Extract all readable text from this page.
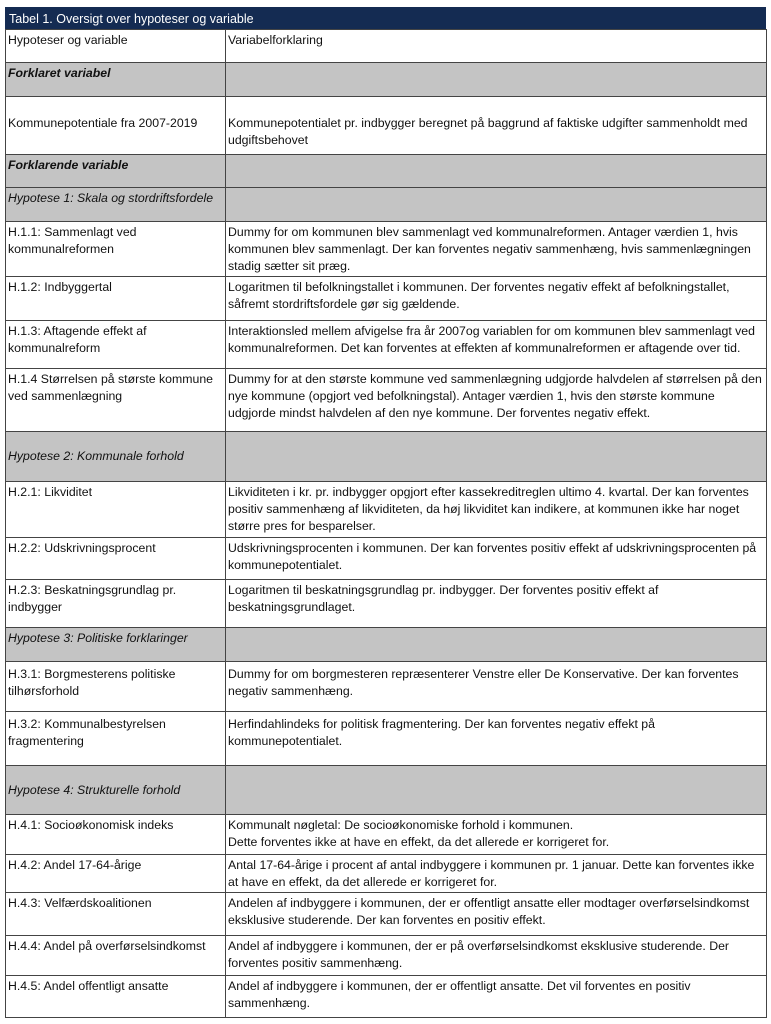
Tabel 1. Oversigt over hypoteser og variable
Hypoteser og variable	Variabelforklaring
Forklaret variabel	
Kommunepotentiale fra 2007-2019	Kommunepotentialet pr. indbygger beregnet på baggrund af faktiske udgifter sammenholdt med udgiftsbehovet
Forklarende variable	
Hypotese 1: Skala og stordriftsfordele	
H.1.1: Sammenlagt ved kommunalreformen	Dummy for om kommunen blev sammenlagt ved kommunalreformen. Antager værdien 1, hvis kommunen blev sammenlagt. Der kan forventes negativ sammenhæng, hvis sammenlægningen stadig sætter sit præg.
H.1.2: Indbyggertal	Logaritmen til befolkningstallet i kommunen. Der forventes negativ effekt af befolkningstallet, såfremt stordriftsfordele gør sig gældende.
H.1.3: Aftagende effekt af kommunalreform	Interaktionsled mellem afvigelse fra år 2007og variablen for om kommunen blev sammenlagt ved kommunalreformen. Det kan forventes at effekten af kommunalreformen er aftagende over tid.
H.1.4 Størrelsen på største kommune ved sammenlægning	Dummy for at den største kommune ved sammenlægning udgjorde halvdelen af størrelsen på den nye kommune (opgjort ved befolkningstal). Antager værdien 1, hvis den største kommune udgjorde mindst halvdelen af den nye kommune. Der forventes negativ effekt.
Hypotese 2: Kommunale forhold	
H.2.1: Likviditet	Likviditeten i kr. pr. indbygger opgjort efter kassekreditreglen ultimo 4. kvartal. Der kan forventes positiv sammenhæng af likviditeten, da høj likviditet kan indikere, at kommunen ikke har noget større pres for besparelser.
H.2.2: Udskrivningsprocent	Udskrivningsprocenten i kommunen. Der kan forventes positiv effekt af udskrivningsprocenten på kommunepotentialet.
H.2.3: Beskatningsgrundlag pr. indbygger	Logaritmen til beskatningsgrundlag pr. indbygger. Der forventes positiv effekt af beskatningsgrundlaget.
Hypotese 3: Politiske forklaringer	
H.3.1: Borgmesterens politiske tilhørsforhold	Dummy for om borgmesteren repræsenterer Venstre eller De Konservative. Der kan forventes negativ sammenhæng.
H.3.2: Kommunalbestyrelsen fragmentering	Herfindahlindeks for politisk fragmentering. Der kan forventes negativ effekt på kommunepotentialet.
Hypotese 4: Strukturelle forhold	
H.4.1: Socioøkonomisk indeks	Kommunalt nøgletal: De socioøkonomiske forhold i kommunen.
Dette forventes ikke at have en effekt, da det allerede er korrigeret for.

H.4.2: Andel 17-64-årige	Antal 17-64-årige i procent af antal indbyggere i kommunen pr. 1 januar. Dette kan forventes ikke at have en effekt, da det allerede er korrigeret for.
H.4.3: Velfærdskoalitionen	Andelen af indbyggere i kommunen, der er offentligt ansatte eller modtager overførselsindkomst eksklusive studerende. Der kan forventes en positiv effekt.
H.4.4: Andel på overførselsindkomst	Andel af indbyggere i kommunen, der er på overførselsindkomst eksklusive studerende. Der forventes positiv sammenhæng.
H.4.5: Andel offentligt ansatte	Andel af indbyggere i kommunen, der er offentligt ansatte. Det vil forventes en positiv sammenhæng.
